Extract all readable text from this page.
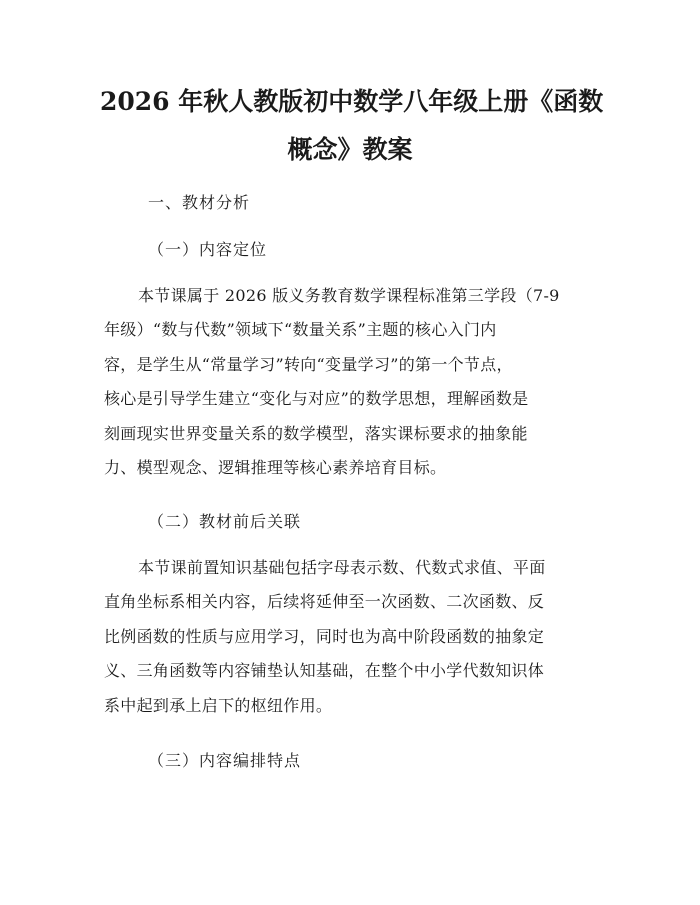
2026 年秋人教版初中数学八年级上册《函数
概念》教案
一、教材分析
（一）内容定位
本节课属于 2026 版义务教育数学课程标准第三学段（7-9
年级）“数与代数”领域下“数量关系”主题的核心入门内
容，是学生从“常量学习”转向“变量学习”的第一个节点，
核心是引导学生建立“变化与对应”的数学思想，理解函数是
刻画现实世界变量关系的数学模型，落实课标要求的抽象能
力、模型观念、逻辑推理等核心素养培育目标。
（二）教材前后关联
本节课前置知识基础包括字母表示数、代数式求值、平面
直角坐标系相关内容，后续将延伸至一次函数、二次函数、反
比例函数的性质与应用学习，同时也为高中阶段函数的抽象定
义、三角函数等内容铺垫认知基础，在整个中小学代数知识体
系中起到承上启下的枢纽作用。
（三）内容编排特点
